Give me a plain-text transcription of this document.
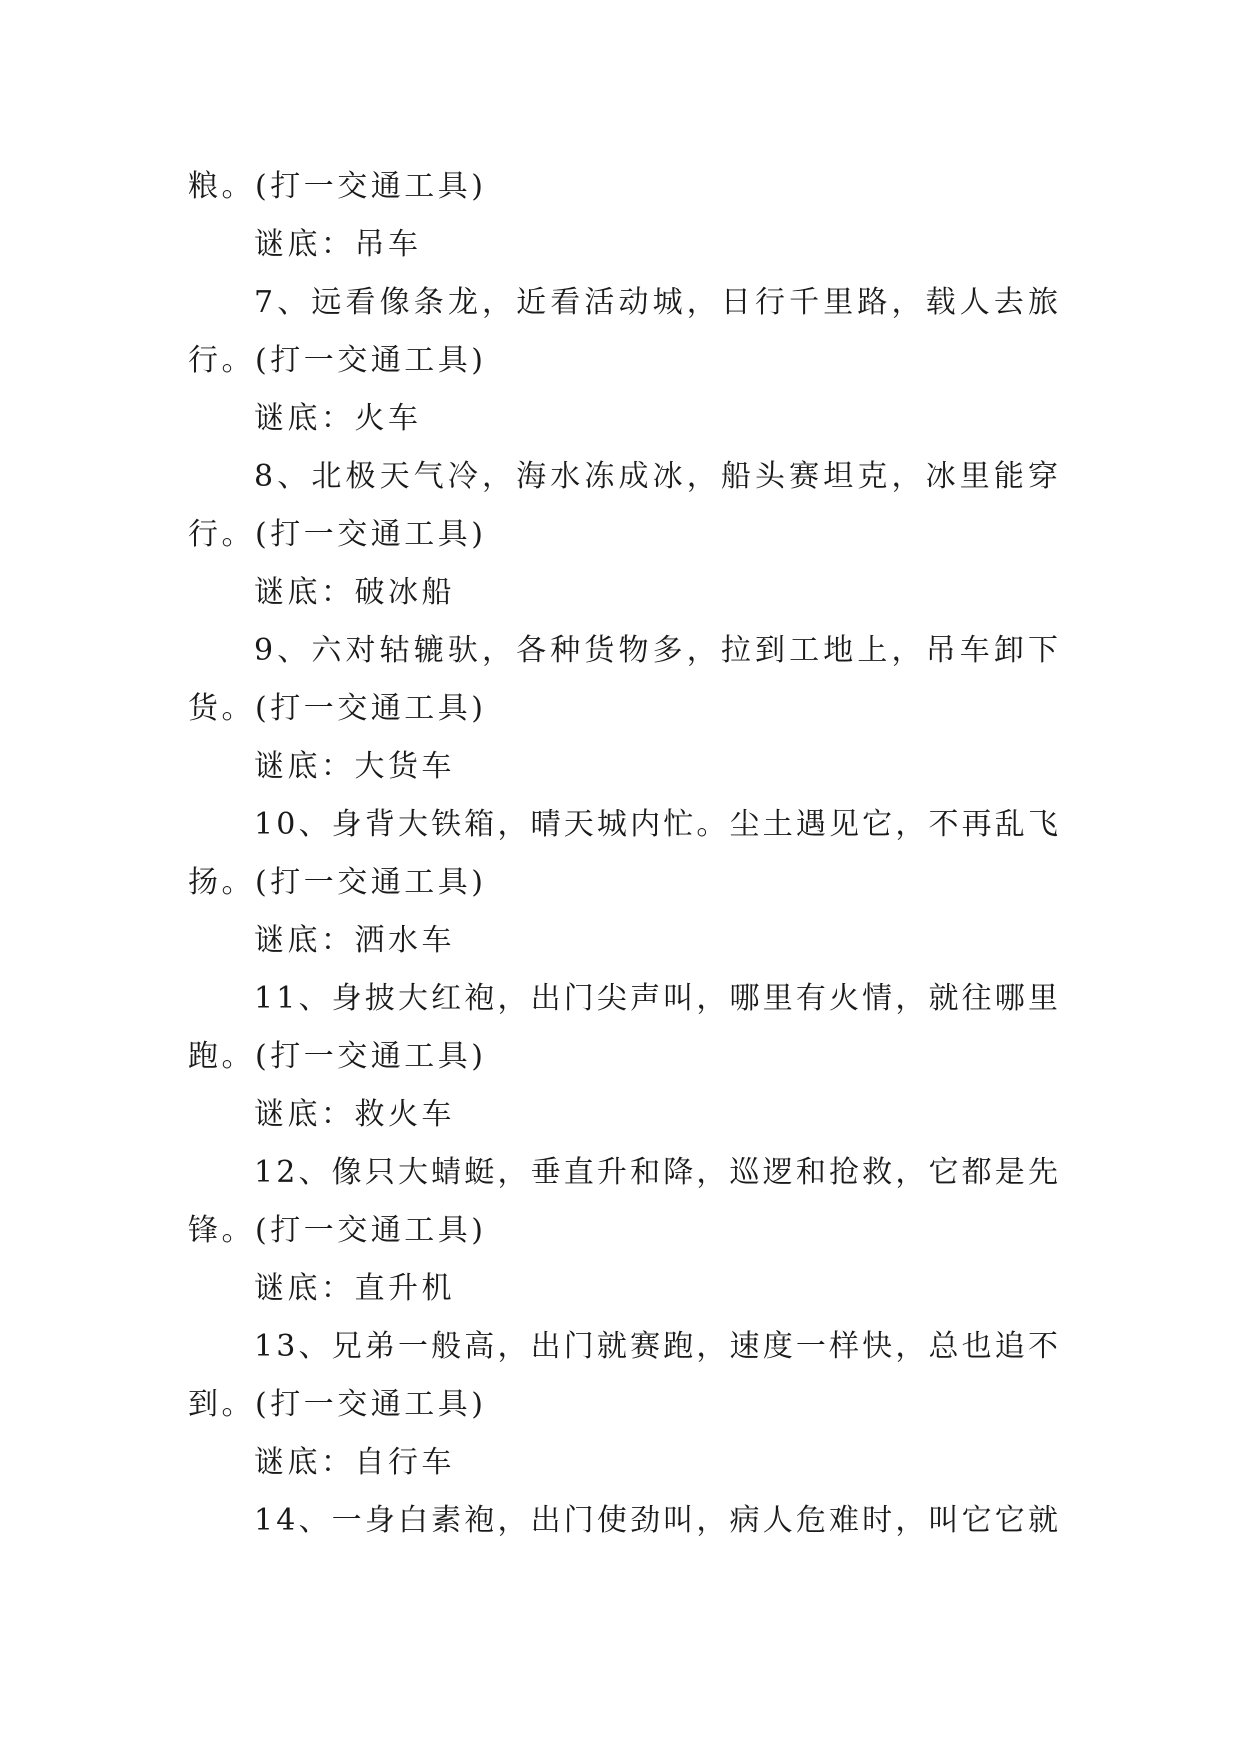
粮。(打一交通工具)
谜底：吊车
7 、 远 看 像 条 龙 ， 近 看 活 动 城 ， 日 行 千 里 路 ， 载 人 去 旅
行。(打一交通工具)
谜底：火车
8 、 北 极 天 气 冷 ， 海 水 冻 成 冰 ， 船 头 赛 坦 克 ， 冰 里 能 穿
行。(打一交通工具)
谜底：破冰船
9 、 六 对 轱 辘 驮 ， 各 种 货 物 多 ， 拉 到 工 地 上 ， 吊 车 卸 下
货。(打一交通工具)
谜底：大货车
1 0 、 身 背 大 铁 箱 ， 晴 天 城 内 忙 。 尘 土 遇 见 它 ， 不 再 乱 飞
扬。(打一交通工具)
谜底：洒水车
1 1 、 身 披 大 红 袍 ， 出 门 尖 声 叫 ， 哪 里 有 火 情 ， 就 往 哪 里
跑。(打一交通工具)
谜底：救火车
1 2 、 像 只 大 蜻 蜓 ， 垂 直 升 和 降 ， 巡 逻 和 抢 救 ， 它 都 是 先
锋。(打一交通工具)
谜底：直升机
1 3 、 兄 弟 一 般 高 ， 出 门 就 赛 跑 ， 速 度 一 样 快 ， 总 也 追 不
到。(打一交通工具)
谜底：自行车
1 4 、 一 身 白 素 袍 ， 出 门 使 劲 叫 ， 病 人 危 难 时 ， 叫 它 它 就
